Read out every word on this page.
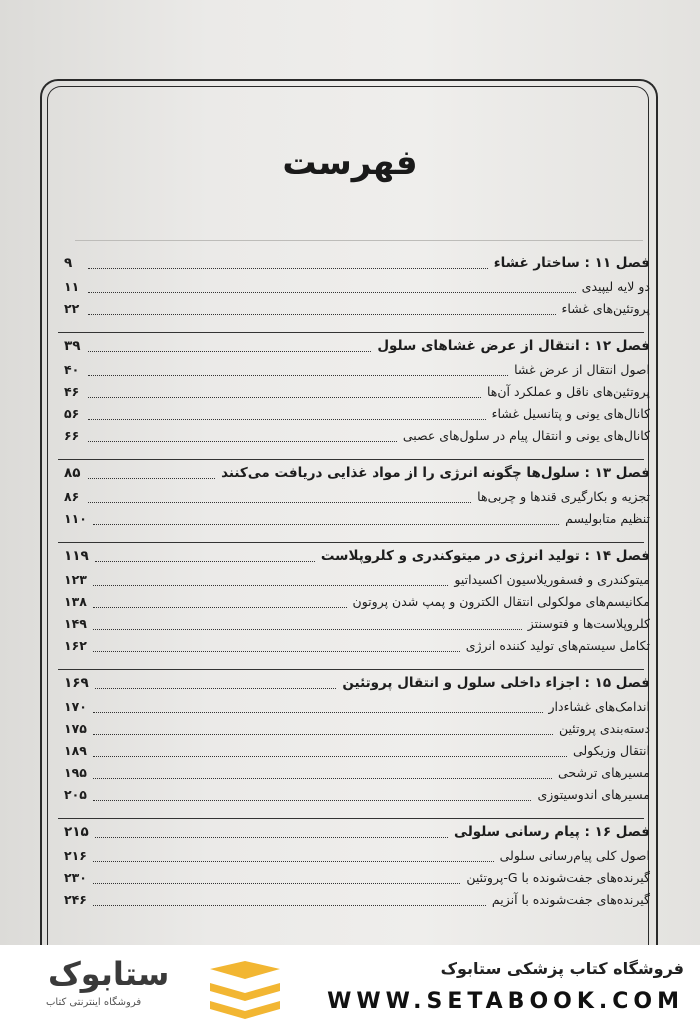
فهرست
فصل ۱۱ : ساختار غشاء
۹
دو لایه لیپیدی
۱۱
پروتئین‌های غشاء
۲۲
فصل ۱۲ : انتقال از عرض غشاهای سلول
۳۹
اصول انتقال از عرض غشا
۴۰
پروتئین‌های ناقل و عملکرد آن‌ها
۴۶
کانال‌های یونی و پتانسیل غشاء
۵۶
کانال‌های یونی و انتقال پیام در سلول‌های عصبی
۶۶
فصل ۱۳ : سلول‌ها چگونه انرژی را از مواد غذایی دریافت می‌کنند
۸۵
تجزیه و بکارگیری قندها و چربی‌ها
۸۶
تنظیم متابولیسم
۱۱۰
فصل ۱۴ : تولید انرژی در میتوکندری و کلروپلاست
۱۱۹
میتوکندری و فسفوریلاسیون اکسیداتیو
۱۲۳
مکانیسم‌های مولکولی انتقال الکترون و پمپ شدن پروتون
۱۳۸
کلروپلاست‌ها و فتوسنتز
۱۴۹
تکامل سیستم‌های تولید کننده انرژی
۱۶۲
فصل ۱۵ : اجزاء داخلی سلول و انتقال پروتئین
۱۶۹
اندامک‌های غشاءدار
۱۷۰
دسته‌بندی پروتئین
۱۷۵
انتقال وزیکولی
۱۸۹
مسیرهای ترشحی
۱۹۵
مسیرهای اندوسیتوزی
۲۰۵
فصل ۱۶ : پیام رسانی سلولی
۲۱۵
اصول کلی پیام‌رسانی سلولی
۲۱۶
گیرنده‌های جفت‌شونده با G-پروتئین
۲۳۰
گیرنده‌های جفت‌شونده با آنزیم
۲۴۶
ستابوک
فروشگاه اینترنتی کتاب
فروشگاه کتاب پزشکی ستابوک
WWW.SETABOOK.COM
